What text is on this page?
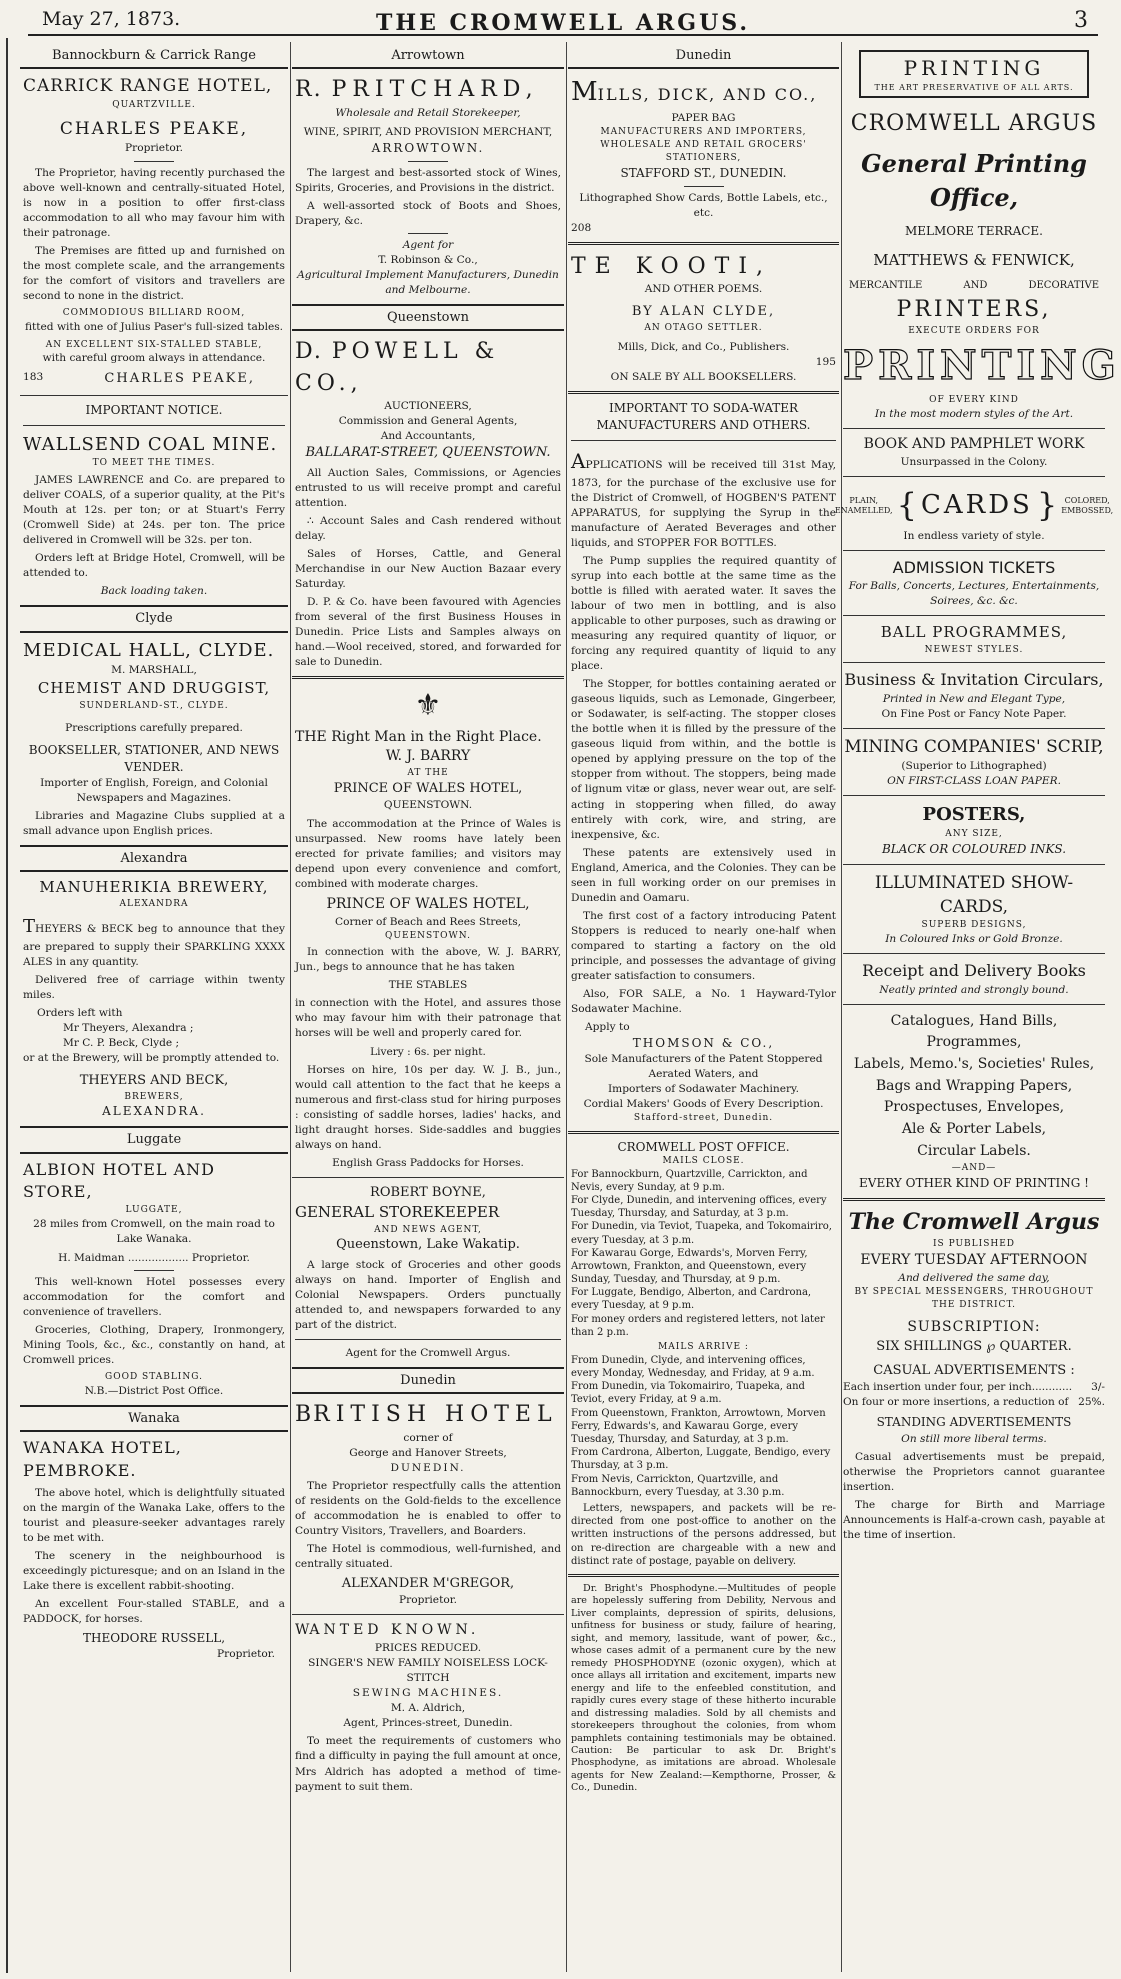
May 27, 1873.	THE CROMWELL ARGUS.	3
Bannockburn & Carrick Range
CARRICK RANGE HOTEL,
QUARTZVILLE.
CHARLES PEAKE,
Proprietor.

The Proprietor, having recently purchased the above well-known and centrally-situated Hotel, is now in a position to offer first-class accommodation to all who may favour him with their patronage.

The Premises are fitted up and furnished on the most complete scale, and the arrangements for the comfort of visitors and travellers are second to none in the district.

COMMODIOUS BILLIARD ROOM,
fitted with one of Julius Paser's full-sized tables.
AN EXCELLENT SIX-STALLED STABLE,
with careful groom always in attendance.
183	CHARLES PEAKE,
IMPORTANT NOTICE.
WALLSEND COAL MINE.
TO MEET THE TIMES.

JAMES LAWRENCE and Co. are prepared to deliver COALS, of a superior quality, at the Pit's Mouth at 12s. per ton; or at Stuart's Ferry (Cromwell Side) at 24s. per ton. The price delivered in Cromwell will be 32s. per ton.

Orders left at Bridge Hotel, Cromwell, will be attended to.

Back loading taken.
Clyde
MEDICAL HALL, CLYDE.
M. MARSHALL,
CHEMIST AND DRUGGIST,
SUNDERLAND-ST., CLYDE.
Prescriptions carefully prepared.
BOOKSELLER, STATIONER, AND NEWS VENDER.
Importer of English, Foreign, and Colonial Newspapers and Magazines.

Libraries and Magazine Clubs supplied at a small advance upon English prices.

Alexandra
MANUHERIKIA BREWERY,
ALEXANDRA

THEYERS & BECK beg to announce that they are prepared to supply their SPARKLING XXXX ALES in any quantity.

Delivered free of carriage within twenty miles.

Orders left with
Mr Theyers, Alexandra ;
Mr C. P. Beck, Clyde ;
or at the Brewery, will be promptly attended to.
THEYERS AND BECK,
BREWERS,
ALEXANDRA.
Luggate
ALBION HOTEL AND STORE,
LUGGATE,
28 miles from Cromwell, on the main road to Lake Wanaka.
H. Maidman .................. Proprietor.

This well-known Hotel possesses every accommodation for the comfort and convenience of travellers.

Groceries, Clothing, Drapery, Ironmongery, Mining Tools, &c., &c., constantly on hand, at Cromwell prices.

GOOD STABLING.
N.B.—District Post Office.
Wanaka
WANAKA HOTEL, PEMBROKE.

The above hotel, which is delightfully situated on the margin of the Wanaka Lake, offers to the tourist and pleasure-seeker advantages rarely to be met with.

The scenery in the neighbourhood is exceedingly picturesque; and on an Island in the Lake there is excellent rabbit-shooting.

An excellent Four-stalled STABLE, and a PADDOCK, for horses.

THEODORE RUSSELL,
Proprietor.
Arrowtown
R. PRITCHARD,
Wholesale and Retail Storekeeper,
WINE, SPIRIT, AND PROVISION MERCHANT,
ARROWTOWN.

The largest and best-assorted stock of Wines, Spirits, Groceries, and Provisions in the district.

A well-assorted stock of Boots and Shoes, Drapery, &c.

Agent for
T. Robinson & Co.,
Agricultural Implement Manufacturers, Dunedin and Melbourne.
Queenstown
D. POWELL & CO.,
AUCTIONEERS,
Commission and General Agents,
And Accountants,
BALLARAT-STREET, QUEENSTOWN.

All Auction Sales, Commissions, or Agencies entrusted to us will receive prompt and careful attention.

∴ Account Sales and Cash rendered without delay.

Sales of Horses, Cattle, and General Merchandise in our New Auction Bazaar every Saturday.

D. P. & Co. have been favoured with Agencies from several of the first Business Houses in Dunedin. Price Lists and Samples always on hand.—Wool received, stored, and forwarded for sale to Dunedin.

⚜
THE Right Man in the Right Place.
W. J. BARRY
AT THE
PRINCE OF WALES HOTEL,
QUEENSTOWN.

The accommodation at the Prince of Wales is unsurpassed. New rooms have lately been erected for private families; and visitors may depend upon every convenience and comfort, combined with moderate charges.

PRINCE OF WALES HOTEL,
Corner of Beach and Rees Streets,
QUEENSTOWN.

In connection with the above, W. J. BARRY, Jun., begs to announce that he has taken

THE STABLES

in connection with the Hotel, and assures those who may favour him with their patronage that horses will be well and properly cared for.

Livery : 6s. per night.

Horses on hire, 10s per day. W. J. B., jun., would call attention to the fact that he keeps a numerous and first-class stud for hiring purposes : consisting of saddle horses, ladies' hacks, and light draught horses. Side-saddles and buggies always on hand.

English Grass Paddocks for Horses.
ROBERT BOYNE,
GENERAL STOREKEEPER
AND NEWS AGENT,
Queenstown, Lake Wakatip.

A large stock of Groceries and other goods always on hand. Importer of English and Colonial Newspapers. Orders punctually attended to, and newspapers forwarded to any part of the district.

Agent for the Cromwell Argus.
Dunedin
BRITISH HOTEL
corner of
George and Hanover Streets,
DUNEDIN.

The Proprietor respectfully calls the attention of residents on the Gold-fields to the excellence of accommodation he is enabled to offer to Country Visitors, Travellers, and Boarders.

The Hotel is commodious, well-furnished, and centrally situated.

ALEXANDER M'GREGOR,
Proprietor.
WANTED KNOWN.
PRICES REDUCED.
SINGER'S NEW FAMILY NOISELESS LOCK-STITCH
SEWING MACHINES.
M. A. Aldrich,
Agent, Princes-street, Dunedin.

To meet the requirements of customers who find a difficulty in paying the full amount at once, Mrs Aldrich has adopted a method of time-payment to suit them.

Dunedin
MILLS, DICK, AND CO.,
PAPER BAG
MANUFACTURERS AND IMPORTERS,
WHOLESALE AND RETAIL GROCERS' STATIONERS,
STAFFORD ST., DUNEDIN.
Lithographed Show Cards, Bottle Labels, etc., etc.
208
TE KOOTI,
AND OTHER POEMS.
BY ALAN CLYDE,
AN OTAGO SETTLER.
Mills, Dick, and Co., Publishers.
195
ON SALE BY ALL BOOKSELLERS.
IMPORTANT TO SODA-WATER MANUFACTURERS AND OTHERS.

APPLICATIONS will be received till 31st May, 1873, for the purchase of the exclusive use for the District of Cromwell, of HOGBEN'S PATENT APPARATUS, for supplying the Syrup in the manufacture of Aerated Beverages and other liquids, and STOPPER FOR BOTTLES.

The Pump supplies the required quantity of syrup into each bottle at the same time as the bottle is filled with aerated water. It saves the labour of two men in bottling, and is also applicable to other purposes, such as drawing or measuring any required quantity of liquor, or forcing any required quantity of liquid to any place.

The Stopper, for bottles containing aerated or gaseous liquids, such as Lemonade, Gingerbeer, or Sodawater, is self-acting. The stopper closes the bottle when it is filled by the pressure of the gaseous liquid from within, and the bottle is opened by applying pressure on the top of the stopper from without. The stoppers, being made of lignum vitæ or glass, never wear out, are self-acting in stoppering when filled, do away entirely with cork, wire, and string, are inexpensive, &c.

These patents are extensively used in England, America, and the Colonies. They can be seen in full working order on our premises in Dunedin and Oamaru.

The first cost of a factory introducing Patent Stoppers is reduced to nearly one-half when compared to starting a factory on the old principle, and possesses the advantage of giving greater satisfaction to consumers.

Also, FOR SALE, a No. 1 Hayward-Tylor Sodawater Machine.

Apply to
THOMSON & CO.,
Sole Manufacturers of the Patent Stoppered Aerated Waters, and
Importers of Sodawater Machinery.
Cordial Makers' Goods of Every Description.
Stafford-street, Dunedin.
CROMWELL POST OFFICE.
MAILS CLOSE.
For Bannockburn, Quartzville, Carrickton, and Nevis, every Sunday, at 9 p.m.
For Clyde, Dunedin, and intervening offices, every Tuesday, Thursday, and Saturday, at 3 p.m.
For Dunedin, via Teviot, Tuapeka, and Tokomairiro, every Tuesday, at 3 p.m.
For Kawarau Gorge, Edwards's, Morven Ferry, Arrowtown, Frankton, and Queenstown, every Sunday, Tuesday, and Thursday, at 9 p.m.
For Luggate, Bendigo, Alberton, and Cardrona, every Tuesday, at 9 p.m.
For money orders and registered letters, not later than 2 p.m.
MAILS ARRIVE :
From Dunedin, Clyde, and intervening offices, every Monday, Wednesday, and Friday, at 9 a.m.
From Dunedin, via Tokomairiro, Tuapeka, and Teviot, every Friday, at 9 a.m.
From Queenstown, Frankton, Arrowtown, Morven Ferry, Edwards's, and Kawarau Gorge, every Tuesday, Thursday, and Saturday, at 3 p.m.
From Cardrona, Alberton, Luggate, Bendigo, every Thursday, at 3 p.m.
From Nevis, Carrickton, Quartzville, and Bannockburn, every Tuesday, at 3.30 p.m.

Letters, newspapers, and packets will be re-directed from one post-office to another on the written instructions of the persons addressed, but on re-direction are chargeable with a new and distinct rate of postage, payable on delivery.

Dr. Bright's Phosphodyne.—Multitudes of people are hopelessly suffering from Debility, Nervous and Liver complaints, depression of spirits, delusions, unfitness for business or study, failure of hearing, sight, and memory, lassitude, want of power, &c., whose cases admit of a permanent cure by the new remedy PHOSPHODYNE (ozonic oxygen), which at once allays all irritation and excitement, imparts new energy and life to the enfeebled constitution, and rapidly cures every stage of these hitherto incurable and distressing maladies. Sold by all chemists and storekeepers throughout the colonies, from whom pamphlets containing testimonials may be obtained. Caution: Be particular to ask Dr. Bright's Phosphodyne, as imitations are abroad. Wholesale agents for New Zealand:—Kempthorne, Prosser, & Co., Dunedin.

PRINTING
THE ART PRESERVATIVE OF ALL ARTS.
CROMWELL ARGUS
General Printing Office,
MELMORE TERRACE.
MATTHEWS & FENWICK,
MERCANTILE	AND	DECORATIVE
PRINTERS,
EXECUTE ORDERS FOR
PRINTING
OF EVERY KIND
In the most modern styles of the Art.
BOOK AND PAMPHLET WORK
Unsurpassed in the Colony.
PLAIN,
ENAMELLED, { CARDS } COLORED,
EMBOSSED,
In endless variety of style.
ADMISSION TICKETS
For Balls, Concerts, Lectures, Entertainments, Soirees, &c. &c.
BALL PROGRAMMES,
NEWEST STYLES.
Business & Invitation Circulars,
Printed in New and Elegant Type,
On Fine Post or Fancy Note Paper.
MINING COMPANIES' SCRIP,
(Superior to Lithographed)
ON FIRST-CLASS LOAN PAPER.
POSTERS,
ANY SIZE,
BLACK OR COLOURED INKS.
ILLUMINATED SHOW-CARDS,
SUPERB DESIGNS,
In Coloured Inks or Gold Bronze.
Receipt and Delivery Books
Neatly printed and strongly bound.
Catalogues, Hand Bills, Programmes,
Labels, Memo.'s, Societies' Rules,
Bags and Wrapping Papers,
Prospectuses, Envelopes,
Ale & Porter Labels,
Circular Labels.
—AND—
EVERY OTHER KIND OF PRINTING !
The Cromwell Argus
IS PUBLISHED
EVERY TUESDAY AFTERNOON
And delivered the same day,
BY SPECIAL MESSENGERS, THROUGHOUT THE DISTRICT.
SUBSCRIPTION:
SIX SHILLINGS ℘ QUARTER.
CASUAL ADVERTISEMENTS :
Each insertion under four, per inch............ 3/-
On four or more insertions, a reduction of 25%.
STANDING ADVERTISEMENTS
On still more liberal terms.

Casual advertisements must be prepaid, otherwise the Proprietors cannot guarantee insertion.

The charge for Birth and Marriage Announcements is Half-a-crown cash, payable at the time of insertion.
